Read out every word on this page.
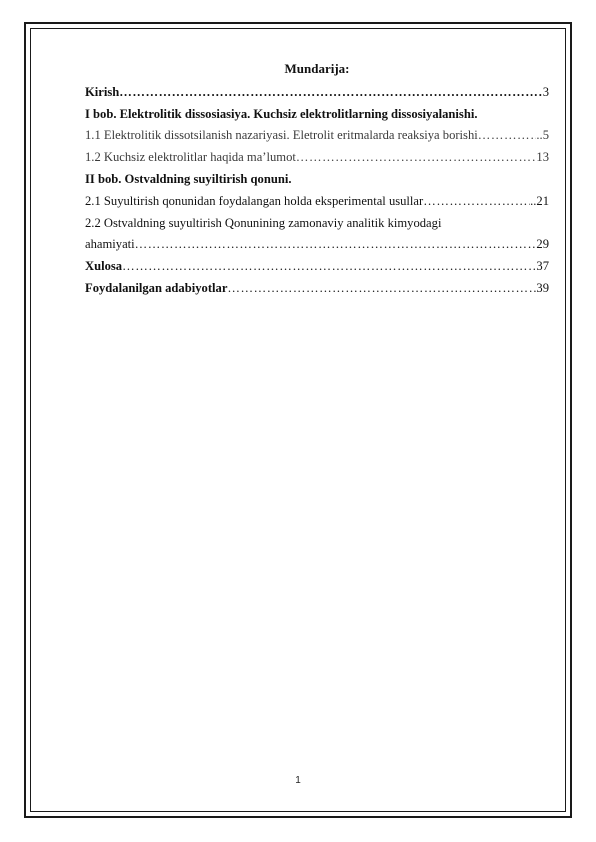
Mundarija:
Kirish ………………………………………………………………………………………………………………………………………………………………………………	3
I bob. Elektrolitik dissosiasiya. Kuchsiz elektrolitlarning dissosiyalanishi.
1.1 Elektrolitik dissotsilanish nazariyasi. Eletrolit eritmalarda reaksiya borishi ………………………………………………………………………………………………………………………………………………………………………………	..5
1.2 Kuchsiz elektrolitlar haqida ma’lumot ………………………………………………………………………………………………………………………………………………………………………………	13
II bob. Ostvaldning suyiltirish qonuni.
2.1 Suyultirish qonunidan foydalangan holda eksperimental usullar ………………………………………………………………………………………………………………………………………………………………………………	..21
2.2 Ostvaldning suyultirish Qonunining zamonaviy analitik kimyodagi
ahamiyati ………………………………………………………………………………………………………………………………………………………………………………	29
Xulosa ………………………………………………………………………………………………………………………………………………………………………………	37
Foydalanilgan adabiyotlar ………………………………………………………………………………………………………………………………………………………………………………	39
1
